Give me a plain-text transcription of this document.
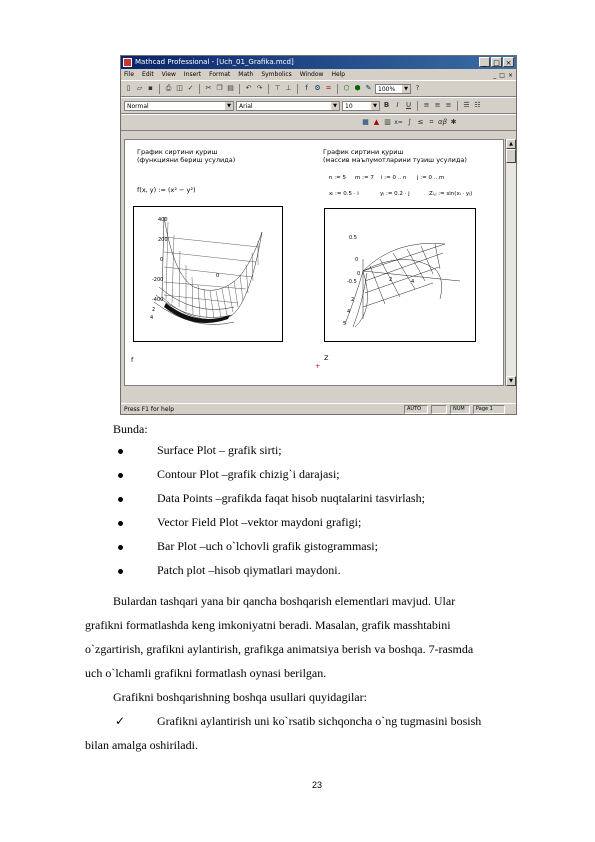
Mathcad Professional - [Uch_01_Grafika.mcd]	_ □ ×
File Edit View Insert Format Math Symbolics Window Help	_ □ ×
▯ ▱ ▪	⎙ ◫ ✓ ✂ ❐ ▤ ↶ ↷ ⊤ ⊥	f ⚙ = ⬡ ⬢ ✎	100%	▼	?
Normal	▼	Arial	▼	10	▼ B	I	U ≡ ≡ ≡ ☰ ☷
▦ ▲ ▥ x= ∫ ≤ ⌗ αβ ✱
График сиртини қуриш
(функцияни бериш усулида)
f(x, y) := (x² − y²)
400
200
0
-200
-400
0
2
4
f
График сиртини қуриш
(массив маълумотларини тузиш усулида)
n := 5 m := 7 i := 0 .. n j := 0 .. m
xᵢ := 0.5 · i	yⱼ := 0.2 · j	Zᵢ,ⱼ := sin(xᵢ · yⱼ)
0.5
0
-0.5
0
2	4
2
4
5
Z
+
▲
▼
Press F1 for help	AUTO	NUM	Page 1
Bunda:
Surface Plot – grafik sirti;
Contour Plot –grafik chizig`i darajasi;
Data Points –grafikda faqat hisob nuqtalarini tasvirlash;
Vector Field Plot –vektor maydoni grafigi;
Bar Plot –uch o`lchovli grafik gistogrammasi;
Patch plot –hisob qiymatlari maydoni.
Bulardan tashqari yana bir qancha boshqarish elementlari mavjud. Ular
grafikni formatlashda keng imkoniyatni beradi. Masalan, grafik masshtabini
o`zgartirish, grafikni aylantirish, grafikga animatsiya berish va boshqa. 7-rasmda
uch o`lchamli grafikni formatlash oynasi berilgan.
Grafikni boshqarishning boshqa usullari quyidagilar:
✓	Grafikni aylantirish uni ko`rsatib sichqoncha o`ng tugmasini bosish
bilan amalga oshiriladi.
23
